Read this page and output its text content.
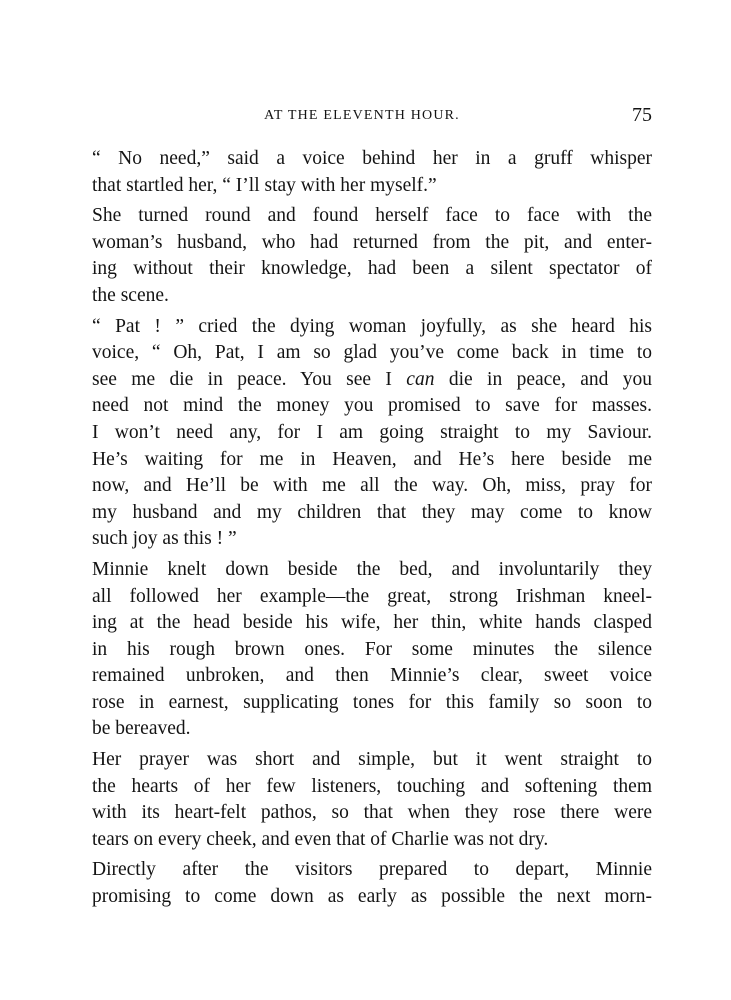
AT THE ELEVENTH HOUR.	75
“ No need,” said a voice behind her in a gruff whisper
that startled her, “ I’ll stay with her myself.”
She turned round and found herself face to face with the
woman’s husband, who had returned from the pit, and enter-
ing without their knowledge, had been a silent spectator of
the scene.
“ Pat ! ” cried the dying woman joyfully, as she heard his
voice, “ Oh, Pat, I am so glad you’ve come back in time to
see me die in peace. You see I can die in peace, and you
need not mind the money you promised to save for masses.
I won’t need any, for I am going straight to my Saviour.
He’s waiting for me in Heaven, and He’s here beside me
now, and He’ll be with me all the way. Oh, miss, pray for
my husband and my children that they may come to know
such joy as this ! ”
Minnie knelt down beside the bed, and involuntarily they
all followed her example—the great, strong Irishman kneel-
ing at the head beside his wife, her thin, white hands clasped
in his rough brown ones. For some minutes the silence
remained unbroken, and then Minnie’s clear, sweet voice
rose in earnest, supplicating tones for this family so soon to
be bereaved.
Her prayer was short and simple, but it went straight to
the hearts of her few listeners, touching and softening them
with its heart-felt pathos, so that when they rose there were
tears on every cheek, and even that of Charlie was not dry.
Directly after the visitors prepared to depart, Minnie
promising to come down as early as possible the next morn-
